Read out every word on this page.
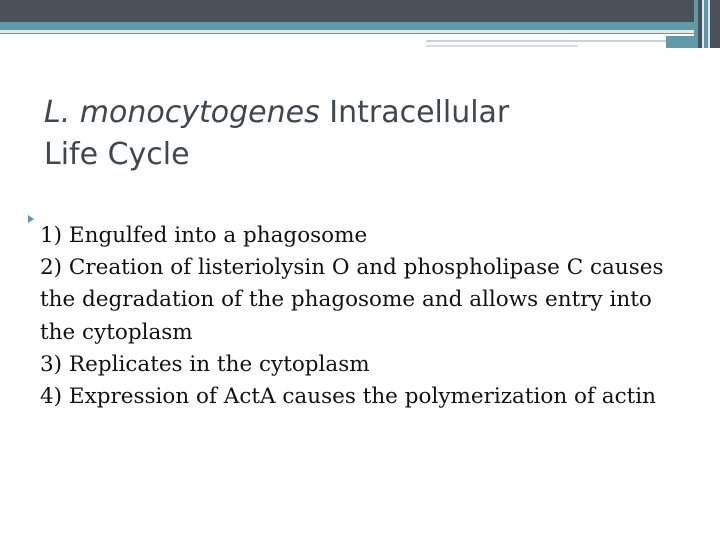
L. monocytogenes Intracellular
Life Cycle

1) Engulfed into a phagosome

2) Creation of listeriolysin O and phospholipase C causes the degradation of the phagosome and allows entry into the cytoplasm

3) Replicates in the cytoplasm

4) Expression of ActA causes the polymerization of actin
